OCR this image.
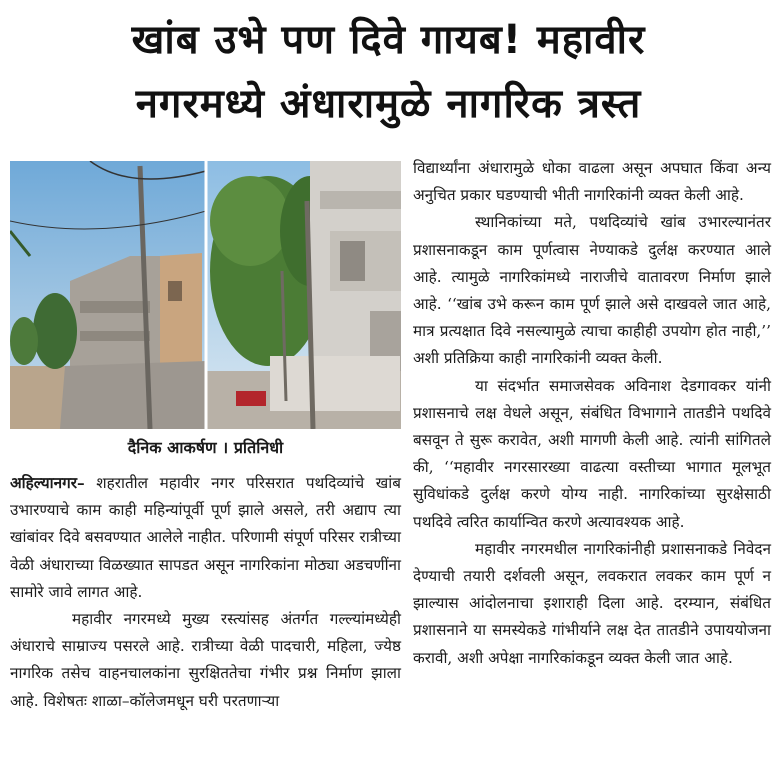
खांब उभे पण दिवे गायब! महावीर
नगरमध्ये अंधारामुळे नागरिक त्रस्त
दैनिक आकर्षण । प्रतिनिधी

अहिल्यानगर– शहरातील महावीर नगर परिसरात पथदिव्यांचे खांब उभारण्याचे काम काही महिन्यांपूर्वी पूर्ण झाले असले, तरी अद्याप त्या खांबांवर दिवे बसवण्यात आलेले नाहीत. परिणामी संपूर्ण परिसर रात्रीच्या वेळी अंधाराच्या विळख्यात सापडत असून नागरिकांना मोठ्या अडचणींना सामोरे जावे लागत आहे.

महावीर नगरमध्ये मुख्य रस्त्यांसह अंतर्गत गल्ल्यांमध्येही अंधाराचे साम्राज्य पसरले आहे. रात्रीच्या वेळी पादचारी, महिला, ज्येष्ठ नागरिक तसेच वाहनचालकांना सुरक्षिततेचा गंभीर प्रश्न निर्माण झाला आहे. विशेषतः शाळा–कॉलेजमधून घरी परतणाऱ्या

विद्यार्थ्यांना अंधारामुळे धोका वाढला असून अपघात किंवा अन्य अनुचित प्रकार घडण्याची भीती नागरिकांनी व्यक्त केली आहे.

स्थानिकांच्या मते, पथदिव्यांचे खांब उभारल्यानंतर प्रशासनाकडून काम पूर्णत्वास नेण्याकडे दुर्लक्ष करण्यात आले आहे. त्यामुळे नागरिकांमध्ये नाराजीचे वातावरण निर्माण झाले आहे. ‘‘खांब उभे करून काम पूर्ण झाले असे दाखवले जात आहे, मात्र प्रत्यक्षात दिवे नसल्यामुळे त्याचा काहीही उपयोग होत नाही,’’ अशी प्रतिक्रिया काही नागरिकांनी व्यक्त केली.

या संदर्भात समाजसेवक अविनाश देडगावकर यांनी प्रशासनाचे लक्ष वेधले असून, संबंधित विभागाने तातडीने पथदिवे बसवून ते सुरू करावेत, अशी मागणी केली आहे. त्यांनी सांगितले की, ‘‘महावीर नगरसारख्या वाढत्या वस्तीच्या भागात मूलभूत सुविधांकडे दुर्लक्ष करणे योग्य नाही. नागरिकांच्या सुरक्षेसाठी पथदिवे त्वरित कार्यान्वित करणे अत्यावश्यक आहे.

महावीर नगरमधील नागरिकांनीही प्रशासनाकडे निवेदन देण्याची तयारी दर्शवली असून, लवकरात लवकर काम पूर्ण न झाल्यास आंदोलनाचा इशाराही दिला आहे. दरम्यान, संबंधित प्रशासनाने या समस्येकडे गांभीर्याने लक्ष देत तातडीने उपाययोजना करावी, अशी अपेक्षा नागरिकांकडून व्यक्त केली जात आहे.
